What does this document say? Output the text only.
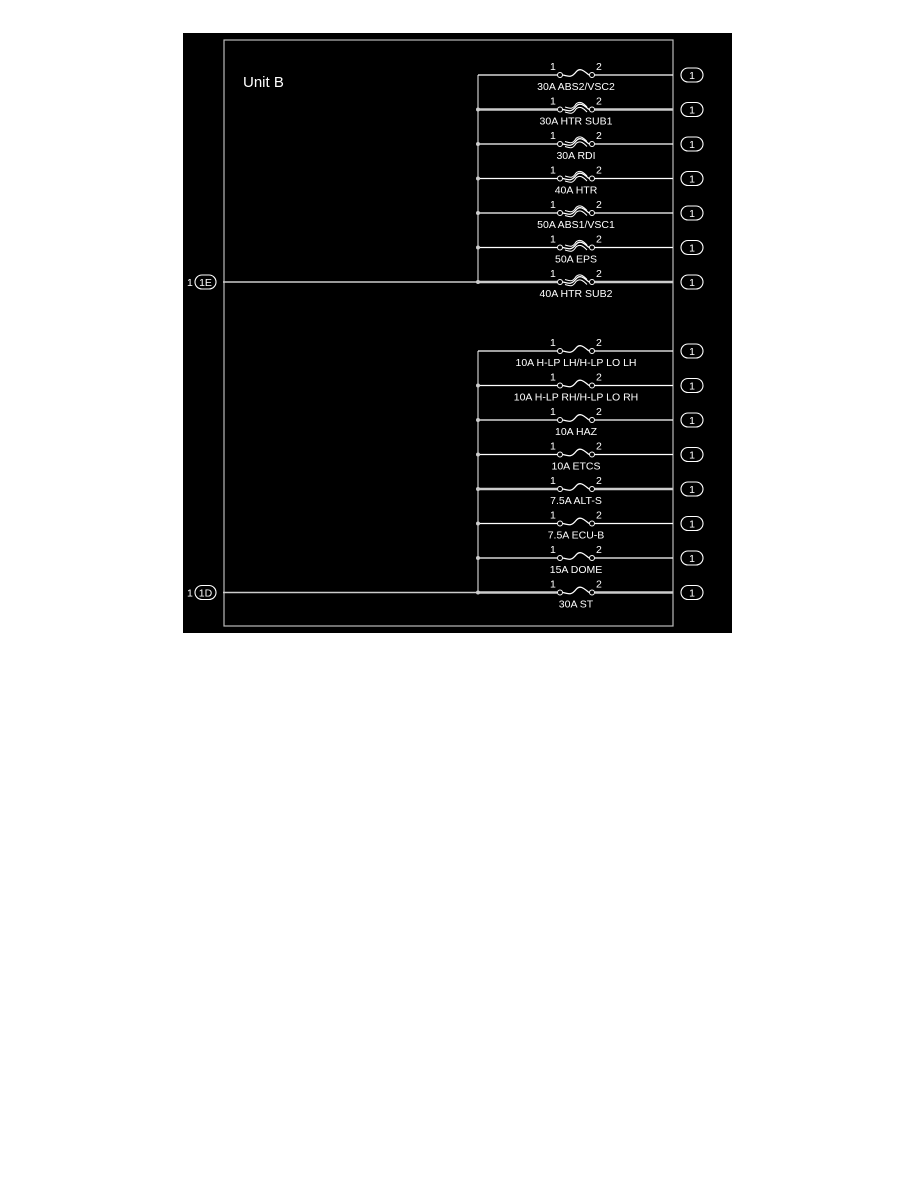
Unit B
1	2
30A ABS2/VSC2
1
1	2
30A HTR SUB1
1
1	2
30A RDI
1
1	2
40A HTR
1
1	2
50A ABS1/VSC1
1
1	2
50A EPS
1
1	2
40A HTR SUB2
1
1 1E
1	2
10A H-LP LH/H-LP LO LH
1
1	2
10A H-LP RH/H-LP LO RH
1
1	2
10A HAZ
1
1	2
10A ETCS
1
1	2
7.5A ALT-S
1
1	2
7.5A ECU-B
1
1	2
15A DOME
1
1	2
30A ST
1
1 1D
